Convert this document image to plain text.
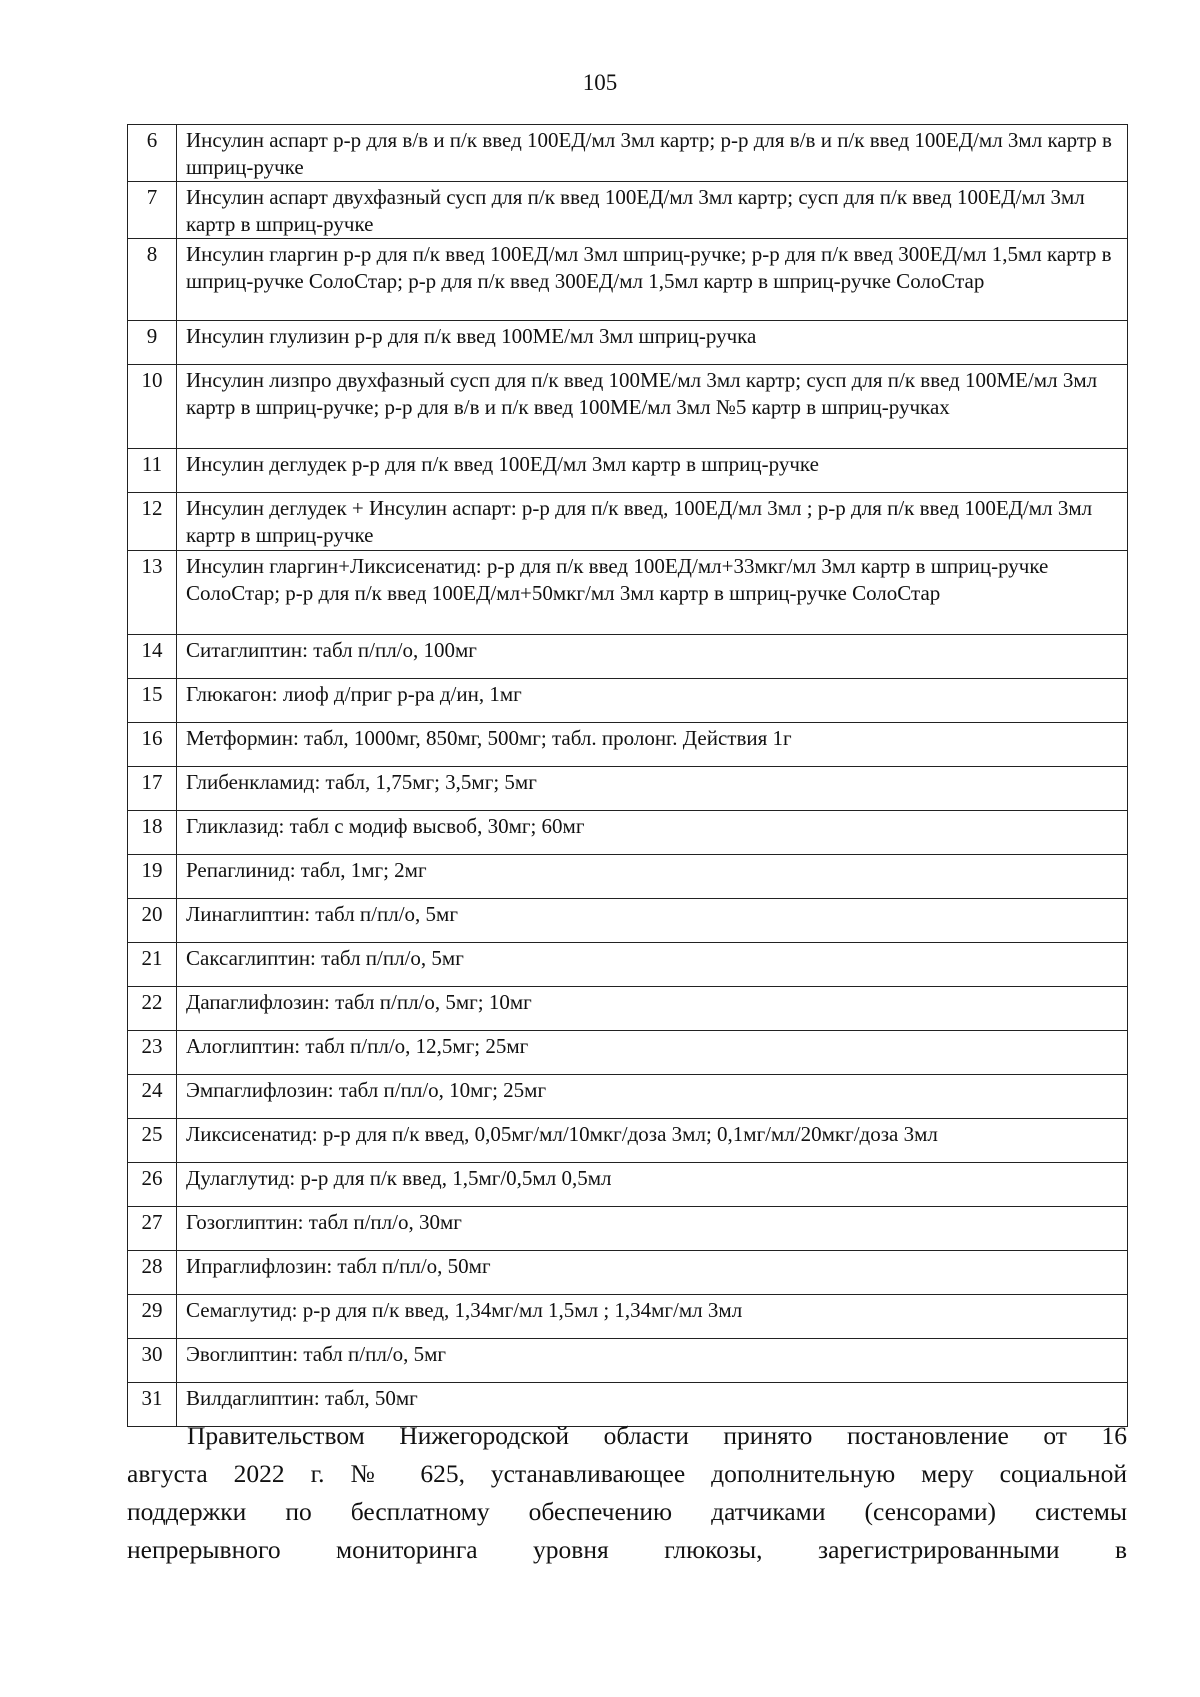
105
6	Инсулин аспарт р-р для в/в и п/к введ 100ЕД/мл 3мл картр; р-р для в/в и п/к введ 100ЕД/мл 3мл картр в шприц-ручке
7	Инсулин аспарт двухфазный сусп для п/к введ 100ЕД/мл 3мл картр; сусп для п/к введ 100ЕД/мл 3мл картр в шприц-ручке
8	Инсулин гларгин р-р для п/к введ 100ЕД/мл 3мл шприц-ручке; р-р для п/к введ 300ЕД/мл 1,5мл картр в шприц-ручке СолоСтар; р-р для п/к введ 300ЕД/мл 1,5мл картр в шприц-ручке СолоСтар
9	Инсулин глулизин р-р для п/к введ 100МЕ/мл 3мл шприц-ручка
10	Инсулин лизпро двухфазный сусп для п/к введ 100МЕ/мл 3мл картр; сусп для п/к введ 100МЕ/мл 3мл картр в шприц-ручке; р-р для в/в и п/к введ 100МЕ/мл 3мл №5 картр в шприц-ручках
11	Инсулин деглудек р-р для п/к введ 100ЕД/мл 3мл картр в шприц-ручке
12	Инсулин деглудек + Инсулин аспарт: р-р для п/к введ, 100ЕД/мл 3мл ; р-р для п/к введ 100ЕД/мл 3мл картр в шприц-ручке
13	Инсулин гларгин+Ликсисенатид: р-р для п/к введ 100ЕД/мл+33мкг/мл 3мл картр в шприц-ручке СолоСтар; р-р для п/к введ 100ЕД/мл+50мкг/мл 3мл картр в шприц-ручке СолоСтар
14	Ситаглиптин: табл п/пл/о, 100мг
15	Глюкагон: лиоф д/приг р-ра д/ин, 1мг
16	Метформин: табл, 1000мг, 850мг, 500мг; табл. пролонг. Действия 1г
17	Глибенкламид: табл, 1,75мг; 3,5мг; 5мг
18	Гликлазид: табл с модиф высвоб, 30мг; 60мг
19	Репаглинид: табл, 1мг; 2мг
20	Линаглиптин: табл п/пл/о, 5мг
21	Саксаглиптин: табл п/пл/о, 5мг
22	Дапаглифлозин: табл п/пл/о, 5мг; 10мг
23	Алоглиптин: табл п/пл/о, 12,5мг; 25мг
24	Эмпаглифлозин: табл п/пл/о, 10мг; 25мг
25	Ликсисенатид: р-р для п/к введ, 0,05мг/мл/10мкг/доза 3мл; 0,1мг/мл/20мкг/доза 3мл
26	Дулаглутид: р-р для п/к введ, 1,5мг/0,5мл 0,5мл
27	Гозоглиптин: табл п/пл/о, 30мг
28	Ипраглифлозин: табл п/пл/о, 50мг
29	Семаглутид: р-р для п/к введ, 1,34мг/мл 1,5мл ; 1,34мг/мл 3мл
30	Эвоглиптин: табл п/пл/о, 5мг
31	Вилдаглиптин: табл, 50мг
Правительством Нижегородской области принято постановление от 16
августа 2022 г. № 625, устанавливающее дополнительную меру социальной
поддержки по бесплатному обеспечению датчиками (сенсорами) системы
непрерывного мониторинга уровня глюкозы, зарегистрированными в
